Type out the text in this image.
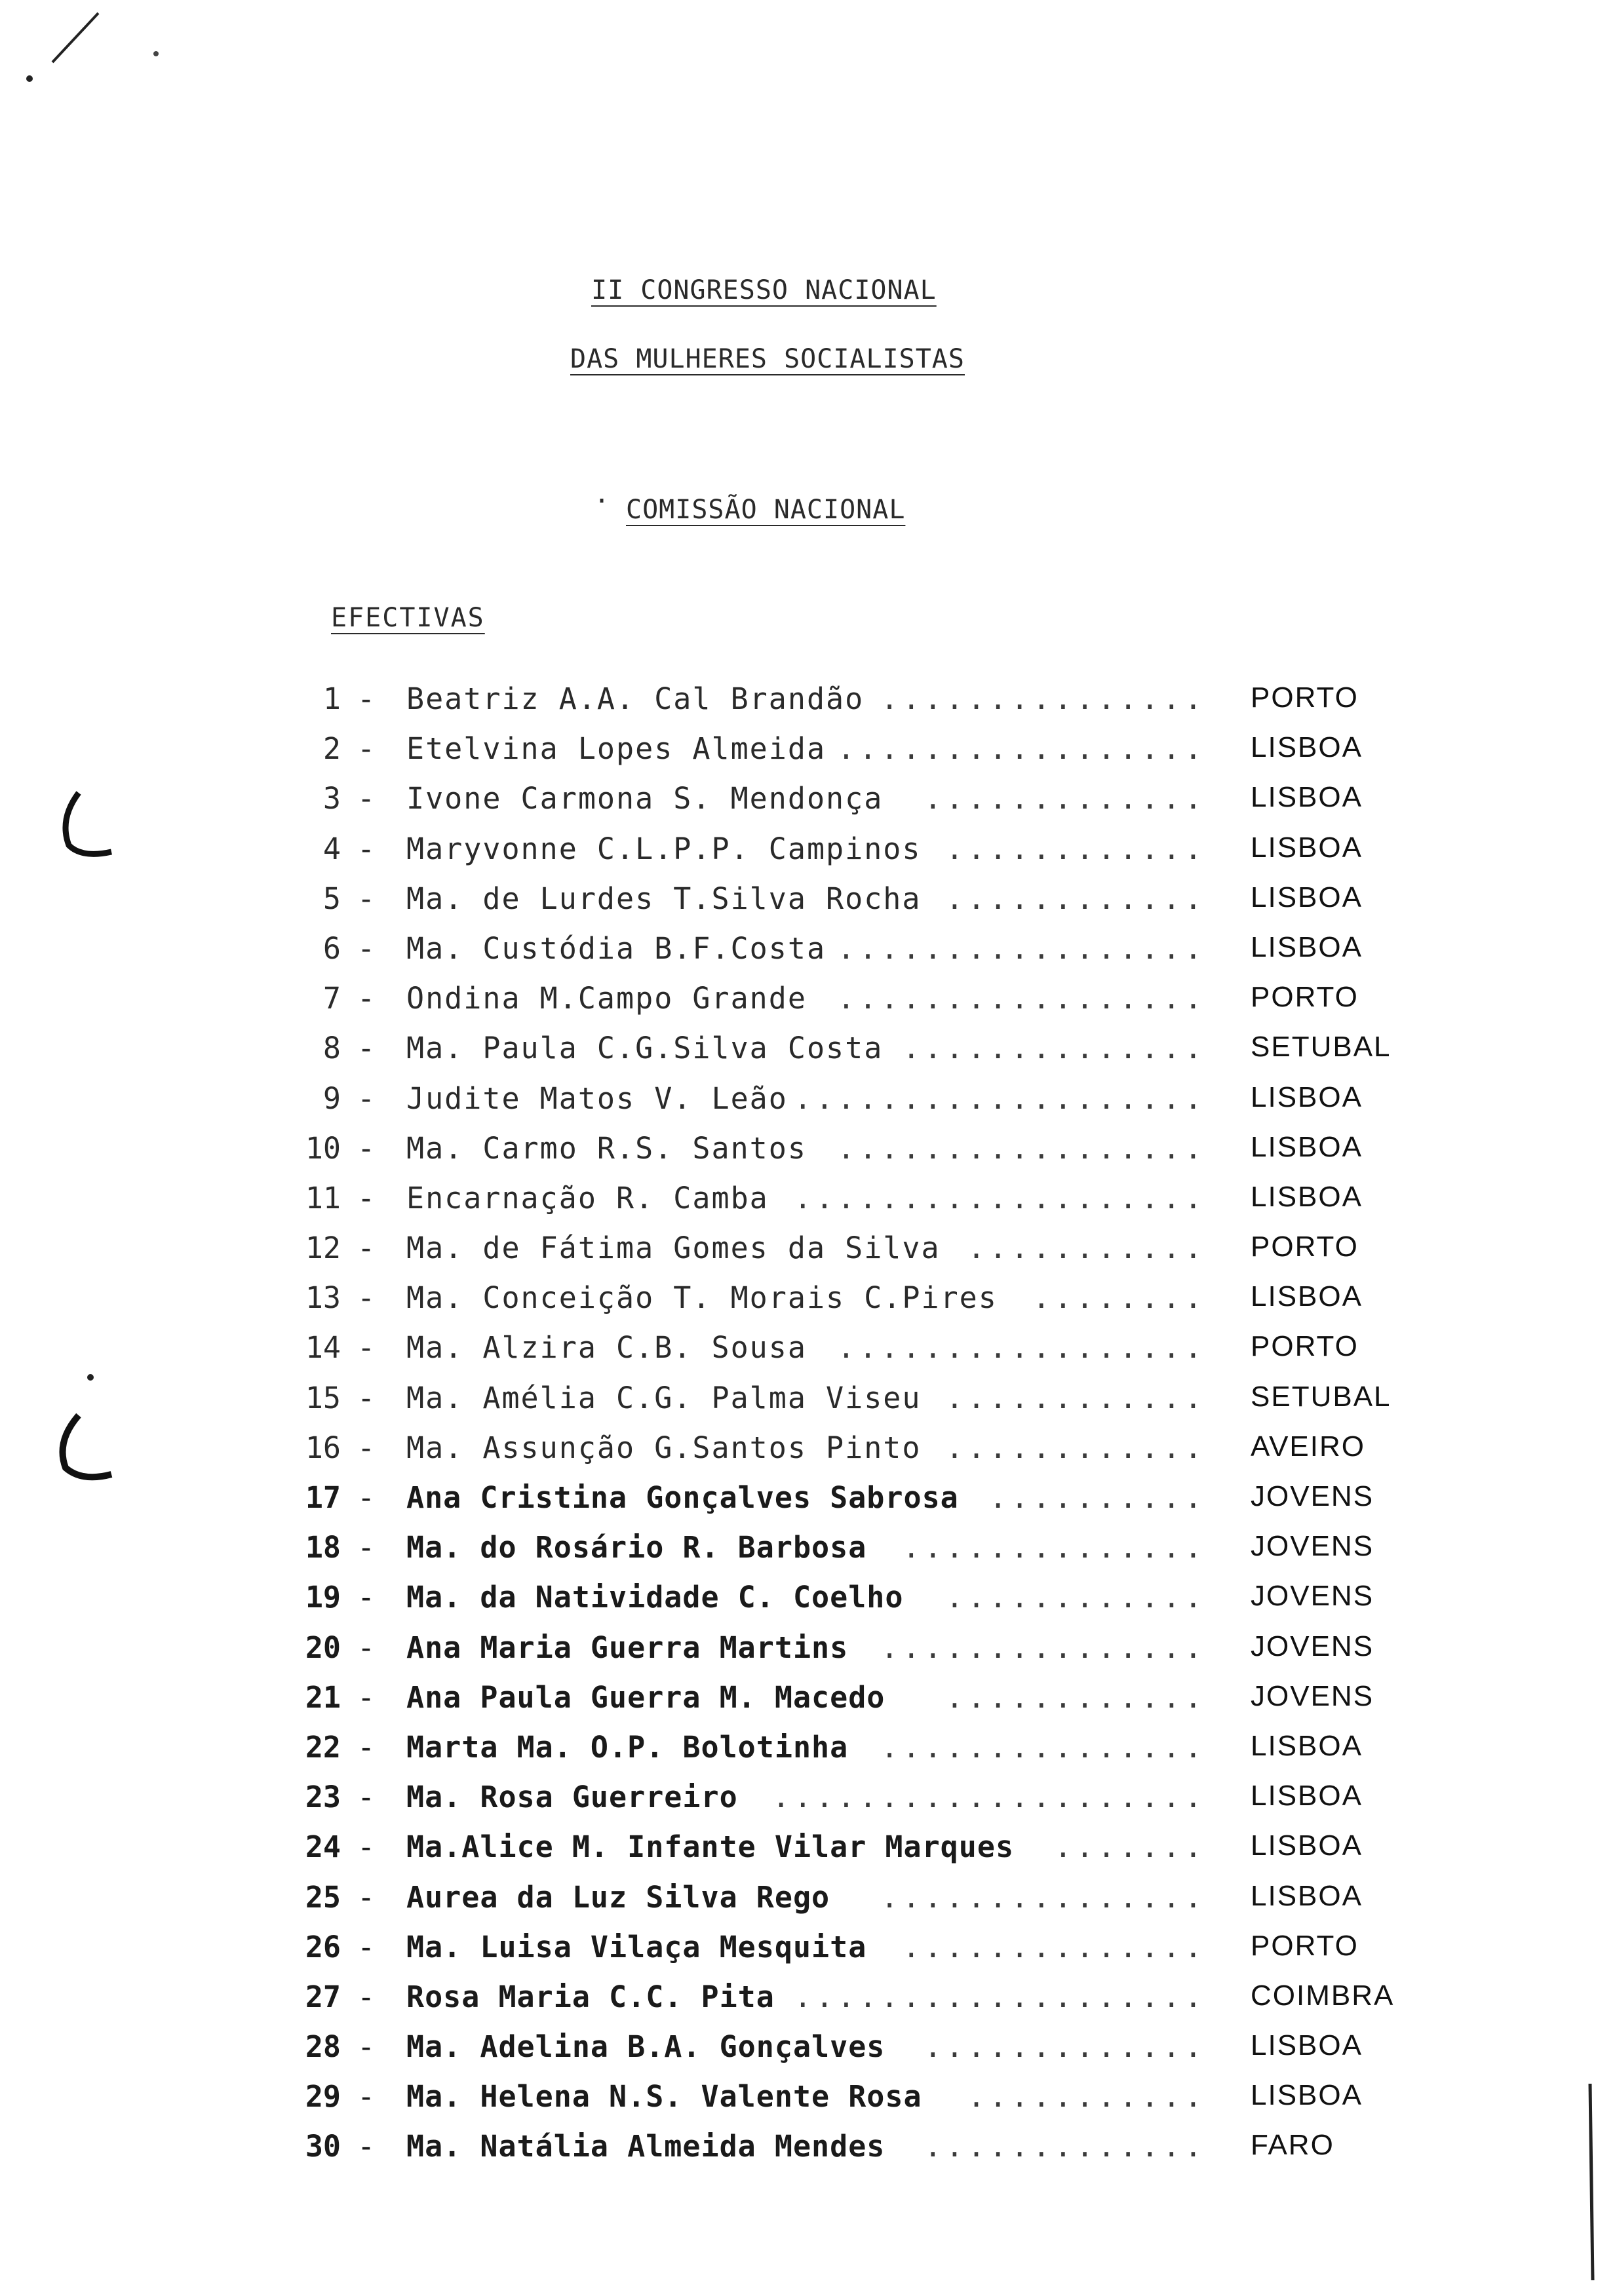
II CONGRESSO NACIONAL
DAS MULHERES SOCIALISTAS
· COMISSÃO NACIONAL
EFECTIVAS
1 - Beatriz A.A. Cal Brandão ............... PORTO
2 - Etelvina Lopes Almeida ................. LISBOA
3 - Ivone Carmona S. Mendonça ............. LISBOA
4 - Maryvonne C.L.P.P. Campinos ............ LISBOA
5 - Ma. de Lurdes T.Silva Rocha ............ LISBOA
6 - Ma. Custódia B.F.Costa ................. LISBOA
7 - Ondina M.Campo Grande ................. PORTO
8 - Ma. Paula C.G.Silva Costa .............. SETUBAL
9 - Judite Matos V. Leão ................... LISBOA
10 - Ma. Carmo R.S. Santos ................. LISBOA
11 - Encarnação R. Camba ................... LISBOA
12 - Ma. de Fátima Gomes da Silva ........... PORTO
13 - Ma. Conceição T. Morais C.Pires ........ LISBOA
14 - Ma. Alzira C.B. Sousa ................. PORTO
15 - Ma. Amélia C.G. Palma Viseu ............ SETUBAL
16 - Ma. Assunção G.Santos Pinto ............ AVEIRO
17 - Ana Cristina Gonçalves Sabrosa .......... JOVENS
18 - Ma. do Rosário R. Barbosa .............. JOVENS
19 - Ma. da Natividade C. Coelho ............ JOVENS
20 - Ana Maria Guerra Martins ............... JOVENS
21 - Ana Paula Guerra M. Macedo ............ JOVENS
22 - Marta Ma. O.P. Bolotinha ............... LISBOA
23 - Ma. Rosa Guerreiro .................... LISBOA
24 - Ma.Alice M. Infante Vilar Marques ....... LISBOA
25 - Aurea da Luz Silva Rego ............... LISBOA
26 - Ma. Luisa Vilaça Mesquita .............. PORTO
27 - Rosa Maria C.C. Pita ................... COIMBRA
28 - Ma. Adelina B.A. Gonçalves ............. LISBOA
29 - Ma. Helena N.S. Valente Rosa ........... LISBOA
30 - Ma. Natália Almeida Mendes ............. FARO
